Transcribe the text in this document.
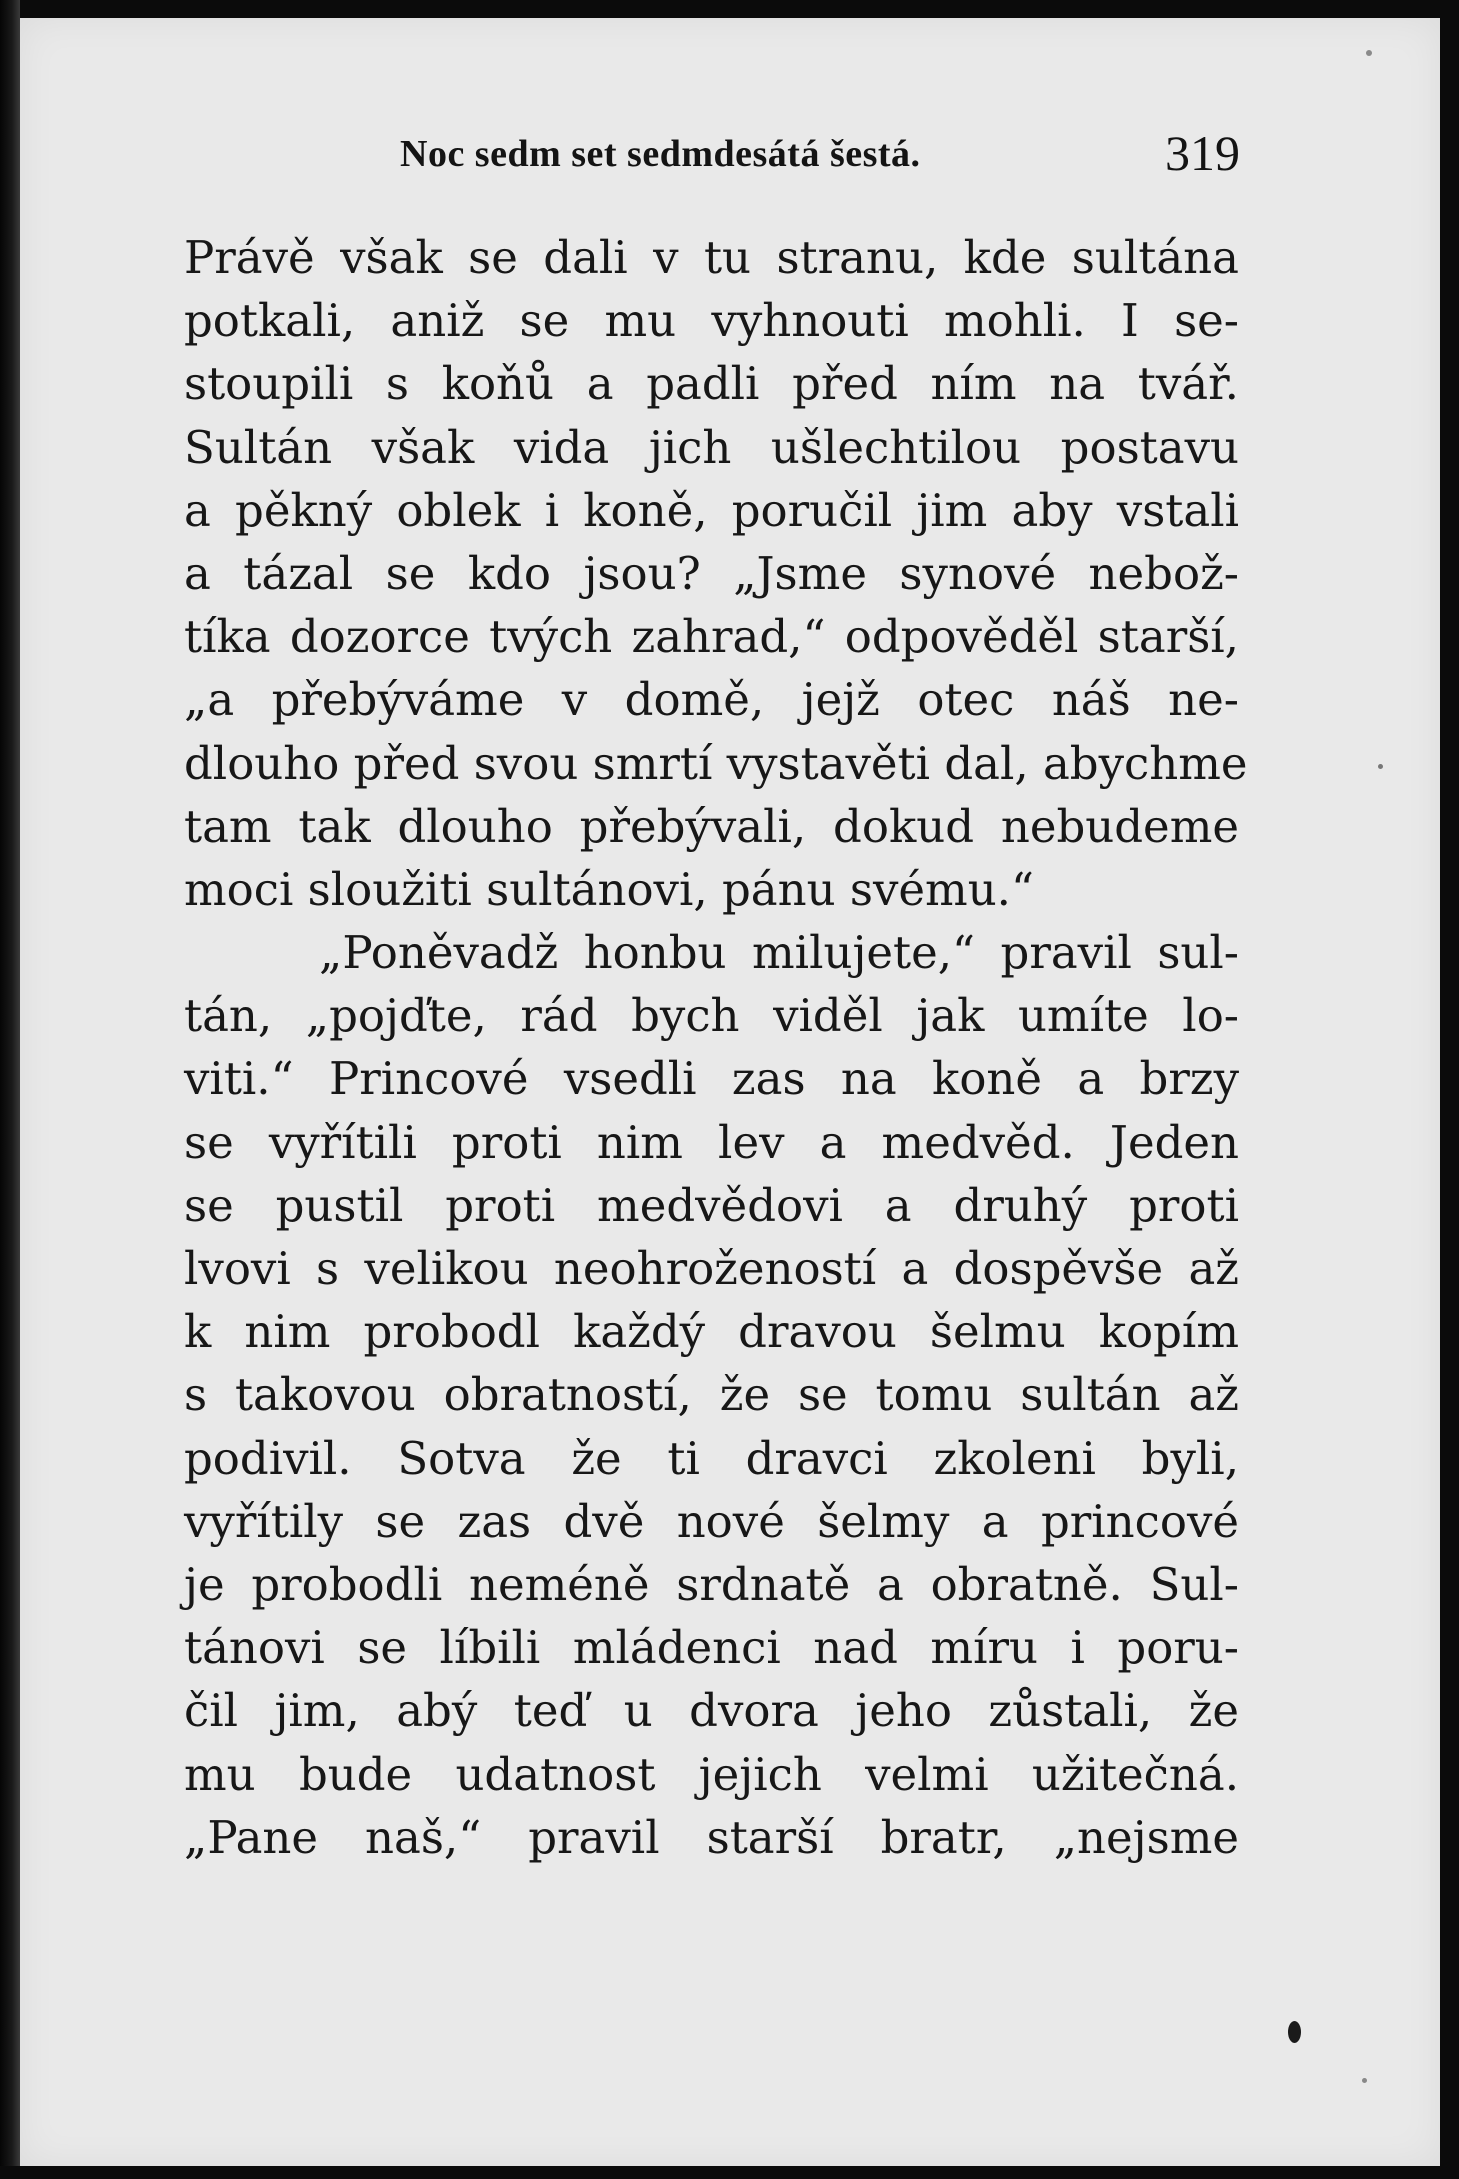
Noc sedm set sedmdesátá šestá.	319
Právě však se dali v tu stranu, kde sultána
potkali, aniž se mu vyhnouti mohli. I se-
stoupili s koňů a padli před ním na tvář.
Sultán však vida jich ušlechtilou postavu
a pěkný oblek i koně, poručil jim aby vstali
a tázal se kdo jsou? „Jsme synové nebož-
tíka dozorce tvých zahrad,“ odpověděl starší,
„a přebýváme v domě, jejž otec náš ne-
dlouho před svou smrtí vystavěti dal, abychme
tam tak dlouho přebývali, dokud nebudeme
moci sloužiti sultánovi, pánu svému.“
„Poněvadž honbu milujete,“ pravil sul-
tán, „pojďte, rád bych viděl jak umíte lo-
viti.“ Princové vsedli zas na koně a brzy
se vyřítili proti nim lev a medvěd. Jeden
se pustil proti medvědovi a druhý proti
lvovi s velikou neohrožeností a dospěvše až
k nim probodl každý dravou šelmu kopím
s takovou obratností, že se tomu sultán až
podivil. Sotva že ti dravci zkoleni byli,
vyřítily se zas dvě nové šelmy a princové
je probodli neméně srdnatě a obratně. Sul-
tánovi se líbili mládenci nad míru i poru-
čil jim, abý teď u dvora jeho zůstali, že
mu bude udatnost jejich velmi užitečná.
„Pane naš,“ pravil starší bratr, „nejsme
